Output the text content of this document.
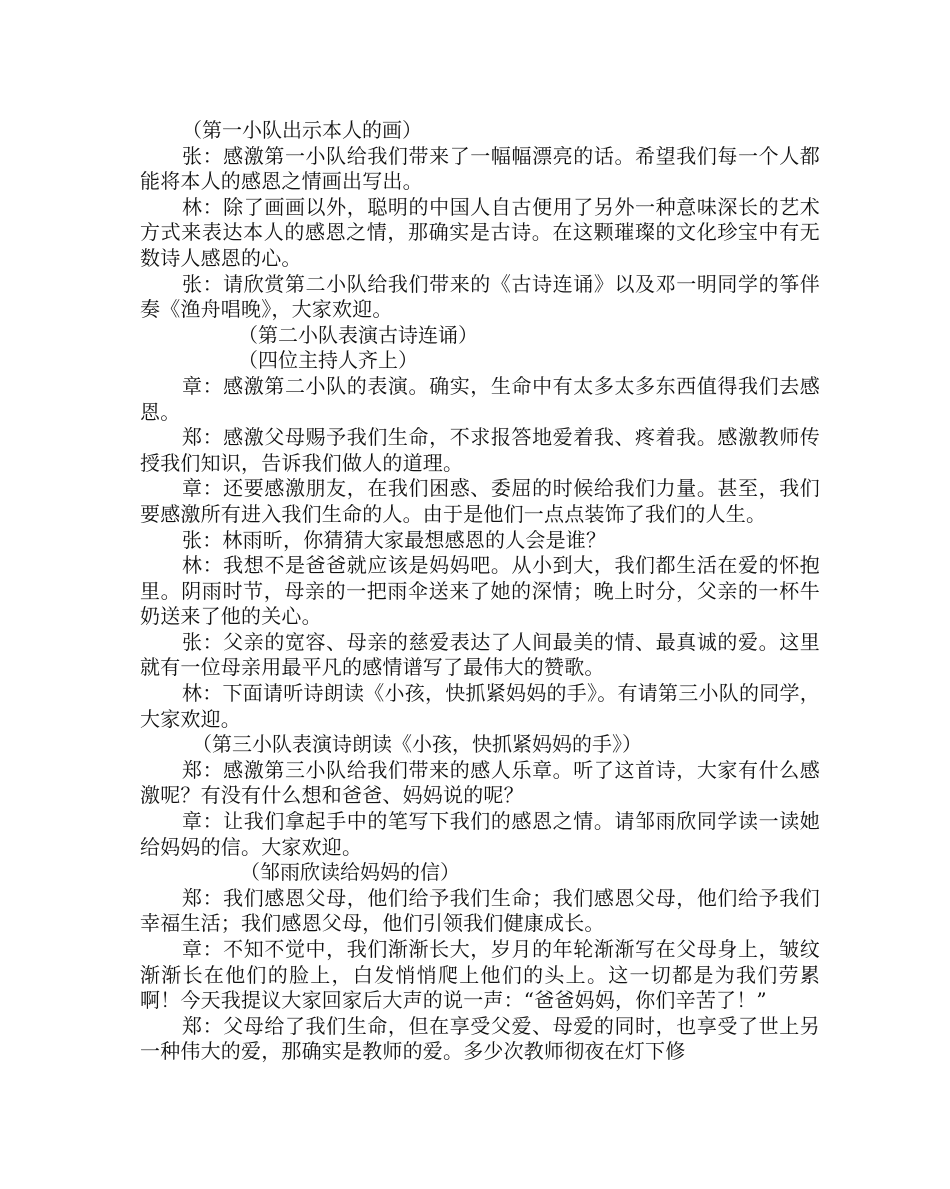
（第一小队出示本人的画）

张：感激第一小队给我们带来了一幅幅漂亮的话。希望我们每一个人都能将本人的感恩之情画出写出。

林：除了画画以外，聪明的中国人自古便用了另外一种意味深长的艺术方式来表达本人的感恩之情，那确实是古诗。在这颗璀璨的文化珍宝中有无数诗人感恩的心。

张：请欣赏第二小队给我们带来的《古诗连诵》以及邓一明同学的筝伴奏《渔舟唱晚》，大家欢迎。

（第二小队表演古诗连诵）

（四位主持人齐上）

章：感激第二小队的表演。确实，生命中有太多太多东西值得我们去感恩。

郑：感激父母赐予我们生命，不求报答地爱着我、疼着我。感激教师传授我们知识，告诉我们做人的道理。

章：还要感激朋友，在我们困惑、委屈的时候给我们力量。甚至，我们要感激所有进入我们生命的人。由于是他们一点点装饰了我们的人生。

张：林雨昕，你猜猜大家最想感恩的人会是谁？

林：我想不是爸爸就应该是妈妈吧。从小到大，我们都生活在爱的怀抱里。阴雨时节，母亲的一把雨伞送来了她的深情；晚上时分，父亲的一杯牛奶送来了他的关心。

张：父亲的宽容、母亲的慈爱表达了人间最美的情、最真诚的爱。这里就有一位母亲用最平凡的感情谱写了最伟大的赞歌。

林：下面请听诗朗读《小孩，快抓紧妈妈的手》。有请第三小队的同学，大家欢迎。

（第三小队表演诗朗读《小孩，快抓紧妈妈的手》）

郑：感激第三小队给我们带来的感人乐章。听了这首诗，大家有什么感激呢？有没有什么想和爸爸、妈妈说的呢？

章：让我们拿起手中的笔写下我们的感恩之情。请邹雨欣同学读一读她给妈妈的信。大家欢迎。

（邹雨欣读给妈妈的信）

郑：我们感恩父母，他们给予我们生命；我们感恩父母，他们给予我们幸福生活；我们感恩父母，他们引领我们健康成长。

章：不知不觉中，我们渐渐长大，岁月的年轮渐渐写在父母身上，皱纹渐渐长在他们的脸上，白发悄悄爬上他们的头上。这一切都是为我们劳累啊！今天我提议大家回家后大声的说一声：“爸爸妈妈，你们辛苦了！”

郑：父母给了我们生命，但在享受父爱、母爱的同时，也享受了世上另一种伟大的爱，那确实是教师的爱。多少次教师彻夜在灯下修
